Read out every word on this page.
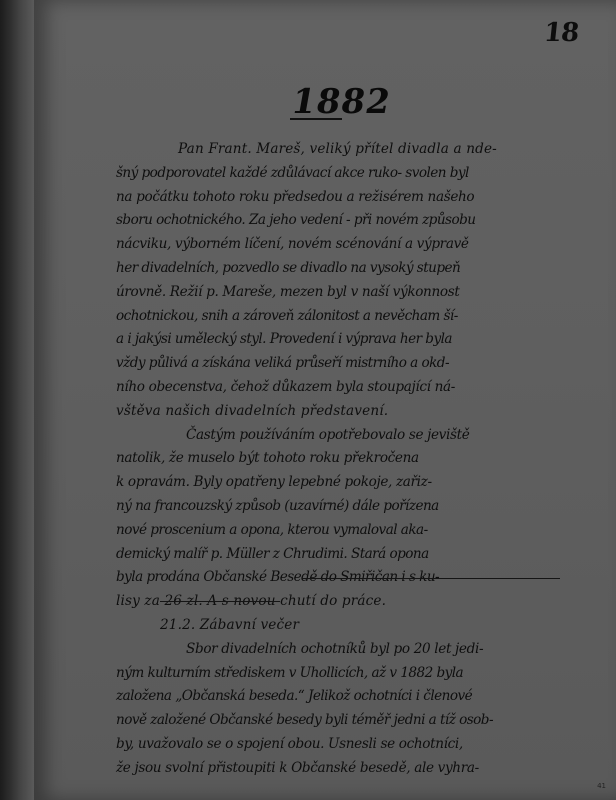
18
1882
Pan Frant. Mareš, veliký přítel divadla a nde-
šný podporovatel každé zdůlávací akce ruko- svolen byl
na počátku tohoto roku předsedou a režisérem našeho
sboru ochotnického. Za jeho vedení - při novém způsobu
nácviku, výborném líčení, novém scénování a výpravě
her divadelních, pozvedlo se divadlo na vysoký stupeň
úrovně. Režií p. Mareše, mezen byl v naší výkonnost
ochotnickou, snih a zároveň zálonitost a nevěcham ší-
a i jakýsi umělecký styl. Provedení i výprava her byla
vždy půlivá a získána veliká průseří mistrního a okd-
ního obecenstva, čehož důkazem byla stoupající ná-
vštěva našich divadelních představení.
Častým používáním opotřebovalo se jeviště
natolik, že muselo být tohoto roku překročena
k opravám. Byly opatřeny lepebné pokoje, zařiz-
ný na francouzský způsob (uzavírné) dále pořízena
nové proscenium a opona, kterou vymaloval aka-
demický malíř p. Müller z Chrudimi. Stará opona
byla prodána Občanské Besedě do Smiřičan i s ku-
lisy za 26 zl. A s novou chutí do práce.
21.2. Zábavní večer
Sbor divadelních ochotníků byl po 20 let jedi-
ným kulturním střediskem v Uhollicích, až v 1882 byla
založena „Občanská beseda.“ Jelikož ochotníci i členové
nově založené Občanské besedy byli téměř jedni a tíž osob-
by, uvažovalo se o spojení obou. Usnesli se ochotníci,
že jsou svolní přistoupiti k Občanské besedě, ale vyhra-
41
